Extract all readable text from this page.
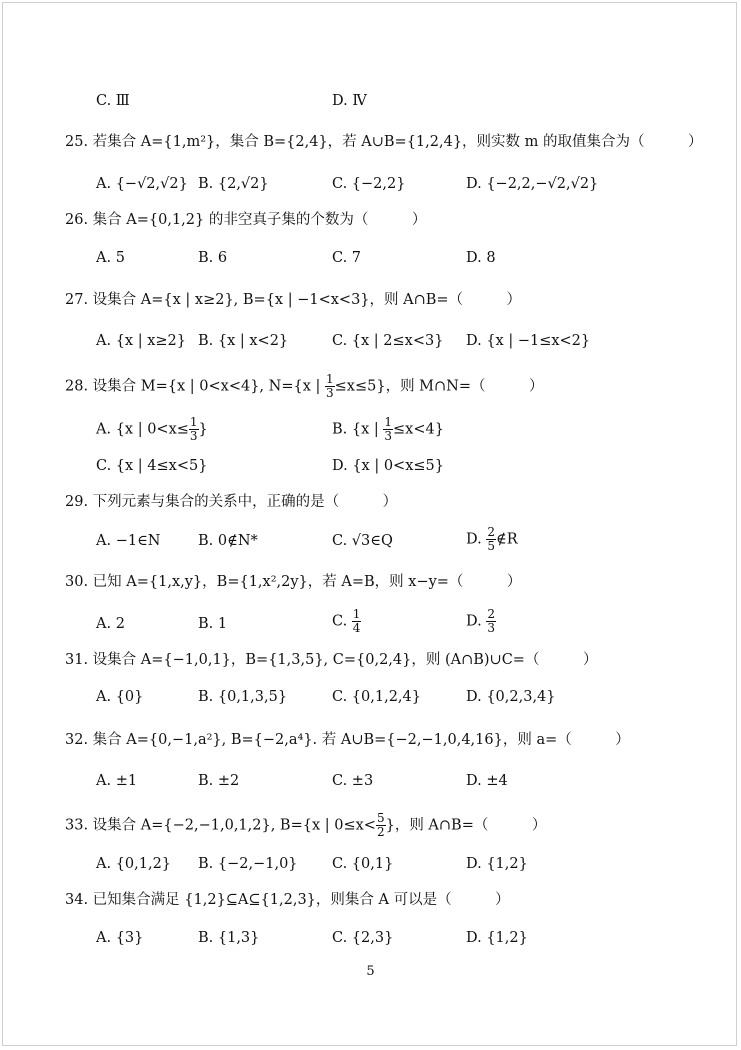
C. Ⅲ	D. Ⅳ
25. 若集合 A={1,m²}，集合 B={2,4}，若 A∪B={1,2,4}，则实数 m 的取值集合为（　　　）
A. {−√2,√2} B. {2,√2}	C. {−2,2}	D. {−2,2,−√2,√2}
26. 集合 A={0,1,2} 的非空真子集的个数为（　　　）
A. 5	B. 6	C. 7	D. 8
27. 设集合 A={x | x≥2}, B={x | −1<x<3}，则 A∩B=（　　　）
A. {x | x≥2} B. {x | x<2}	C. {x | 2≤x<3} D. {x | −1≤x<2}
28. 设集合 M={x | 0<x<4}, N={x | $\frac{1}{3} \le x\le 5$}，则 M∩N=（　　　）
A. {x | $0<x\le \frac{1}{3}$ }	B. {x | $\frac{1}{3} \le x<4$}
C. {x | 4≤x<5}	D. {x | 0<x≤5}
29. 下列元素与集合的关系中，正确的是（　　　）
A. −1∈N	B. 0∉N*	C. √3∈Q	D. $\frac{2}{5}$ ∉R
30. 已知 A={1,x,y}，B={1,x²,2y}，若 A=B，则 x−y=（　　　）
A. 2	B. 1	C. $\frac{1}{4}$	D. $\frac{2}{3}$
31. 设集合 A={−1,0,1}，B={1,3,5}, C={0,2,4}，则 (A∩B)∪C=（　　　）
A. {0}	B. {0,1,3,5}	C. {0,1,2,4}	D. {0,2,3,4}
32. 集合 A={0,−1,a²}, B={−2,a⁴}. 若 A∪B={−2,−1,0,4,16}，则 a=（　　　）
A. ±1	B. ±2	C. ±3	D. ±4
33. 设集合 A={−2,−1,0,1,2}, B={x | $0\le x< \frac{5}{2}$ }，则 A∩B=（　　　）
A. {0,1,2} B. {−2,−1,0} C. {0,1}	D. {1,2}
34. 已知集合满足 {1,2}⊆A⊆{1,2,3}，则集合 A 可以是（　　　）
A. {3}	B. {1,3}	C. {2,3}	D. {1,2}
5
